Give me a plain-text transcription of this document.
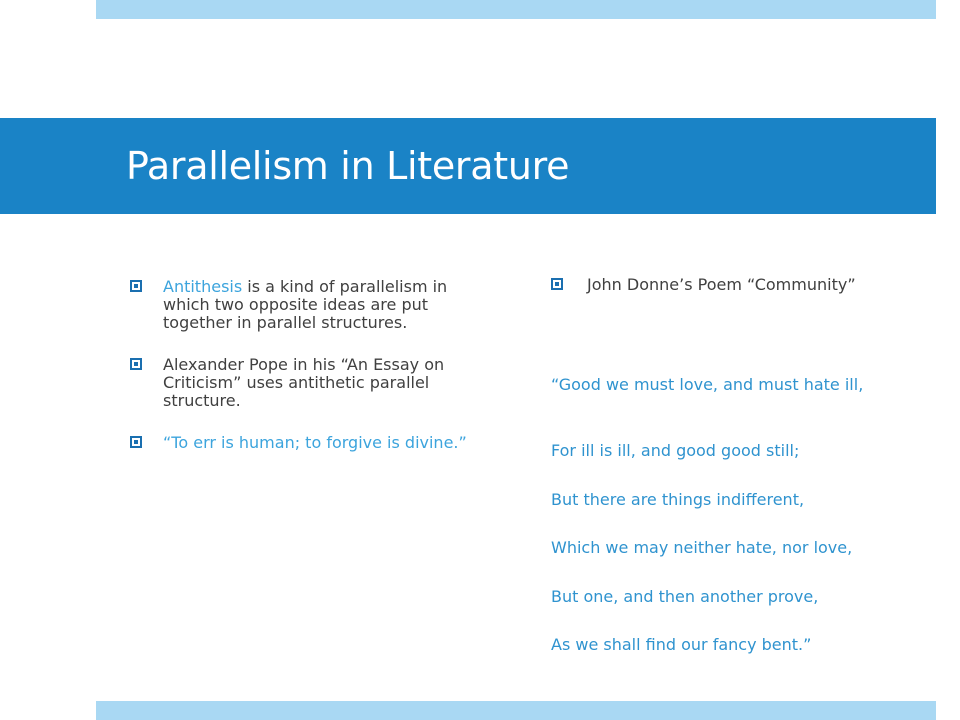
Parallelism in Literature
Antithesis is a kind of parallelism in which two opposite ideas are put together in parallel structures.
Alexander Pope in his “An Essay on Criticism” uses antithetic parallel structure.
“To err is human; to forgive is divine.”
John Donne’s Poem “Community”
“Good we must love, and must hate ill,
For ill is ill, and good good still;
But there are things indifferent,
Which we may neither hate, nor love,
But one, and then another prove,
As we shall find our fancy bent.”
